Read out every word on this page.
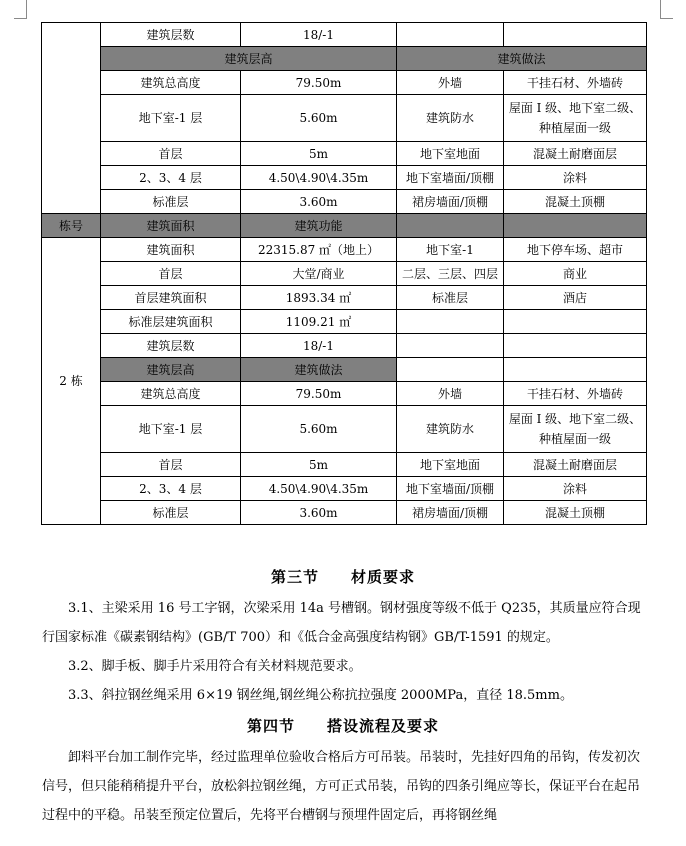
	建筑层数	18/-1		
	建筑层高		建筑做法	
	建筑总高度	79.50m	外墙	干挂石材、外墙砖
	地下室-1 层	5.60m	建筑防水	屋面 I 级、地下室二级、种植屋面一级
	首层	5m	地下室地面	混凝土耐磨面层
	2、3、4 层	4.50\4.90\4.35m	地下室墙面/顶棚	涂料
	标准层	3.60m	裙房墙面/顶棚	混凝土顶棚
栋号	建筑面积	建筑功能		
2 栋	建筑面积	22315.87 ㎡（地上）	地下室-1	地下停车场、超市
	首层	大堂/商业	二层、三层、四层	商业
	首层建筑面积	1893.34 ㎡	标准层	酒店
	标准层建筑面积	1109.21 ㎡		
	建筑层数	18/-1		
	建筑层高	建筑做法		
	建筑总高度	79.50m	外墙	干挂石材、外墙砖
	地下室-1 层	5.60m	建筑防水	屋面 I 级、地下室二级、种植屋面一级
	首层	5m	地下室地面	混凝土耐磨面层
	2、3、4 层	4.50\4.90\4.35m	地下室墙面/顶棚	涂料
	标准层	3.60m	裙房墙面/顶棚	混凝土顶棚
第三节　　材质要求

3.1、主梁采用 16 号工字钢，次梁采用 14a 号槽钢。钢材强度等级不低于 Q235，其质量应符合现行国家标准《碳素钢结构》(GB/T 700）和《低合金高强度结构钢》GB/T-1591 的规定。

3.2、脚手板、脚手片采用符合有关材料规范要求。

3.3、斜拉钢丝绳采用 6×19 钢丝绳,钢丝绳公称抗拉强度 2000MPa，直径 18.5mm。

第四节　　搭设流程及要求

卸料平台加工制作完毕，经过监理单位验收合格后方可吊装。吊装时，先挂好四角的吊钩，传发初次信号，但只能稍稍提升平台，放松斜拉钢丝绳，方可正式吊装，吊钩的四条引绳应等长，保证平台在起吊过程中的平稳。吊装至预定位置后，先将平台槽钢与预埋件固定后，再将钢丝绳
